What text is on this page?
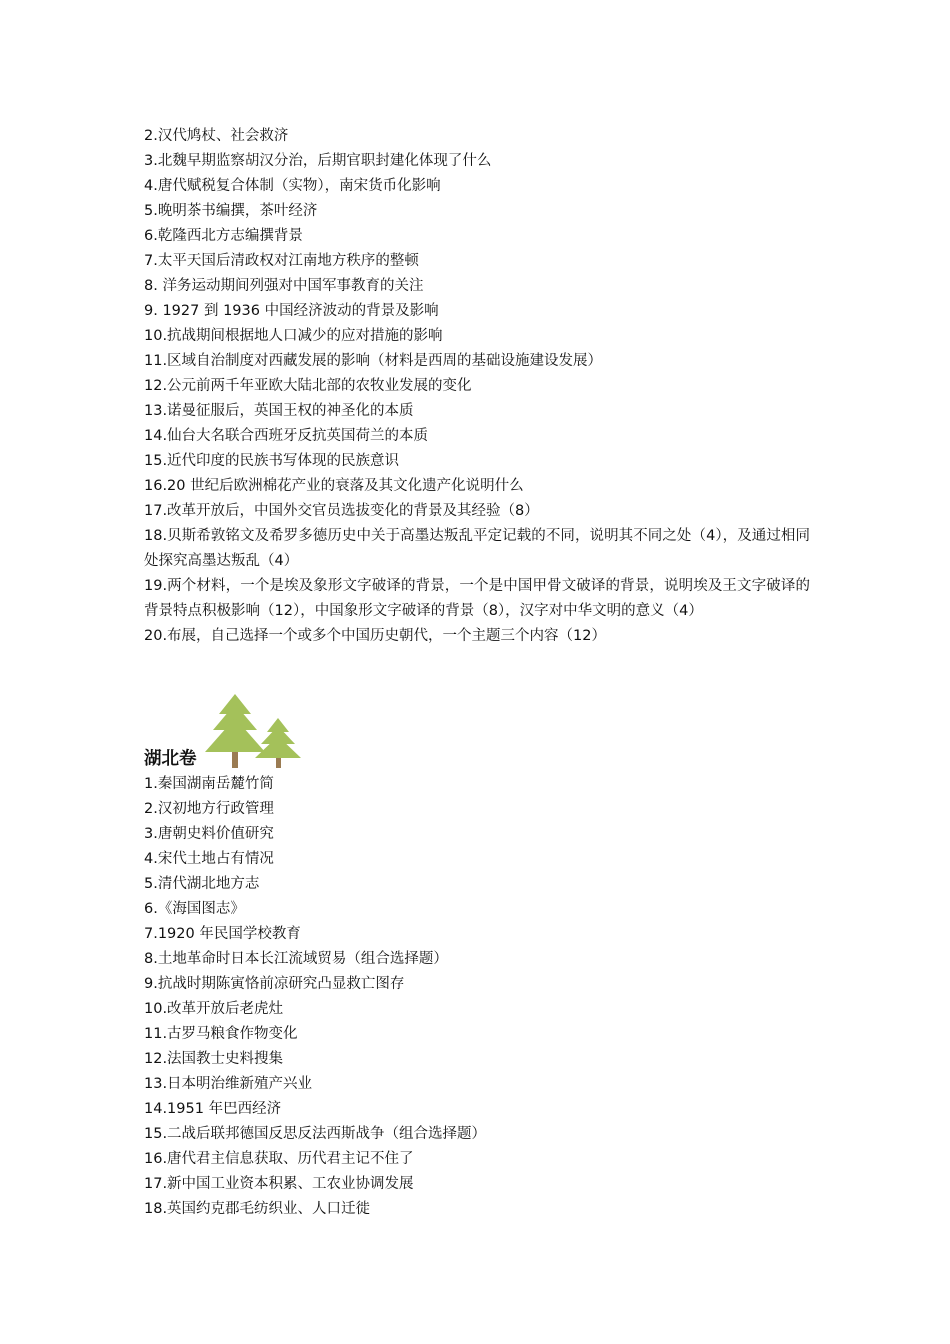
2.汉代鸠杖、社会救济
3.北魏早期监察胡汉分治，后期官职封建化体现了什么
4.唐代赋税复合体制（实物），南宋货币化影响
5.晚明茶书编撰，茶叶经济
6.乾隆西北方志编撰背景
7.太平天国后清政权对江南地方秩序的整顿
8. 洋务运动期间列强对中国军事教育的关注
9. 1927 到 1936 中国经济波动的背景及影响
10.抗战期间根据地人口减少的应对措施的影响
11.区域自治制度对西藏发展的影响（材料是西周的基础设施建设发展）
12.公元前两千年亚欧大陆北部的农牧业发展的变化
13.诺曼征服后，英国王权的神圣化的本质
14.仙台大名联合西班牙反抗英国荷兰的本质
15.近代印度的民族书写体现的民族意识
16.20 世纪后欧洲棉花产业的衰落及其文化遗产化说明什么
17.改革开放后，中国外交官员选拔变化的背景及其经验（8）
18.贝斯希敦铭文及希罗多德历史中关于高墨达叛乱平定记载的不同，说明其不同之处（4），及通过相同处探究高墨达叛乱（4）
19.两个材料，一个是埃及象形文字破译的背景，一个是中国甲骨文破译的背景，说明埃及王文字破译的背景特点积极影响（12），中国象形文字破译的背景（8），汉字对中华文明的意义（4）
20.布展，自己选择一个或多个中国历史朝代，一个主题三个内容（12）
湖北卷
1.秦国湖南岳麓竹简
2.汉初地方行政管理
3.唐朝史料价值研究
4.宋代土地占有情况
5.清代湖北地方志
6.《海国图志》
7.1920 年民国学校教育
8.土地革命时日本长江流域贸易（组合选择题）
9.抗战时期陈寅恪前凉研究凸显救亡图存
10.改革开放后老虎灶
11.古罗马粮食作物变化
12.法国教士史料搜集
13.日本明治维新殖产兴业
14.1951 年巴西经济
15.二战后联邦德国反思反法西斯战争（组合选择题）
16.唐代君主信息获取、历代君主记不住了
17.新中国工业资本积累、工农业协调发展
18.英国约克郡毛纺织业、人口迁徙
